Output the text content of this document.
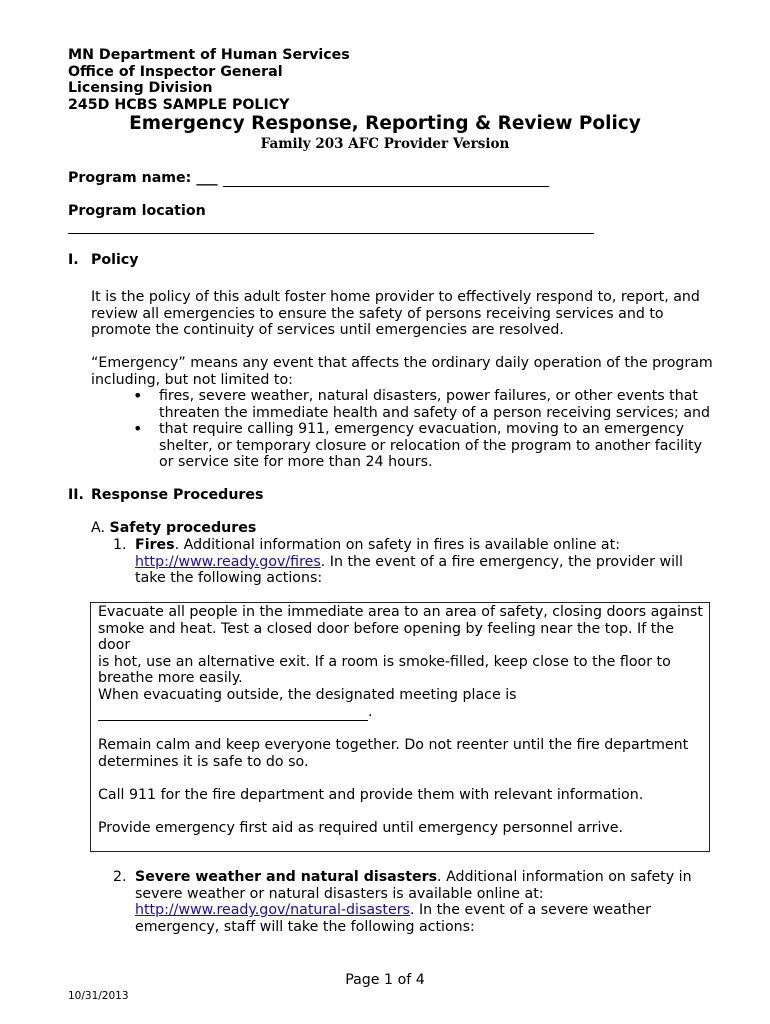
MN Department of Human Services
Office of Inspector General
Licensing Division
245D HCBS SAMPLE POLICY
Emergency Response, Reporting & Review Policy
Family 203 AFC Provider Version
Program name: ___
Program location
I. Policy
It is the policy of this adult foster home provider to effectively respond to, report, and
review all emergencies to ensure the safety of persons receiving services and to
promote the continuity of services until emergencies are resolved.
“Emergency” means any event that affects the ordinary daily operation of the program
including, but not limited to:
• fires, severe weather, natural disasters, power failures, or other events that
threaten the immediate health and safety of a person receiving services; and
• that require calling 911, emergency evacuation, moving to an emergency
shelter, or temporary closure or relocation of the program to another facility
or service site for more than 24 hours.
II. Response Procedures
A. Safety procedures
1. Fires. Additional information on safety in fires is available online at:
http://www.ready.gov/fires. In the event of a fire emergency, the provider will
take the following actions:
Evacuate all people in the immediate area to an area of safety, closing doors against
smoke and heat. Test a closed door before opening by feeling near the top. If the door
is hot, use an alternative exit. If a room is smoke-filled, keep close to the floor to
breathe more easily.
When evacuating outside, the designated meeting place is
.
Remain calm and keep everyone together. Do not reenter until the fire department
determines it is safe to do so.
Call 911 for the fire department and provide them with relevant information.
Provide emergency first aid as required until emergency personnel arrive.
2. Severe weather and natural disasters. Additional information on safety in
severe weather or natural disasters is available online at:
http://www.ready.gov/natural-disasters. In the event of a severe weather
emergency, staff will take the following actions:
Page 1 of 4
10/31/2013
